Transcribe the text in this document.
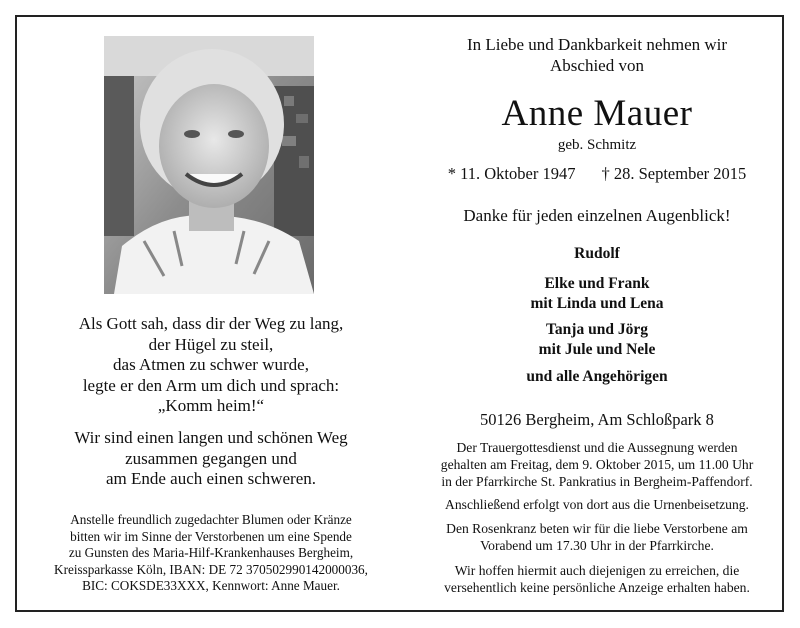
Als Gott sah, dass dir der Weg zu lang,
der Hügel zu steil,
das Atmen zu schwer wurde,
legte er den Arm um dich und sprach:
„Komm heim!“
Wir sind einen langen und schönen Weg
zusammen gegangen und
am Ende auch einen schweren.
Anstelle freundlich zugedachter Blumen oder Kränze
bitten wir im Sinne der Verstorbenen um eine Spende
zu Gunsten des Maria-Hilf-Krankenhauses Bergheim,
Kreissparkasse Köln, IBAN: DE 72 370502990142000036,
BIC: COKSDE33XXX, Kennwort: Anne Mauer.
In Liebe und Dankbarkeit nehmen wir
Abschied von
Anne Mauer
geb. Schmitz
* 11. Oktober 1947 † 28. September 2015
Danke für jeden einzelnen Augenblick!
Rudolf
Elke und Frank
mit Linda und Lena
Tanja und Jörg
mit Jule und Nele
und alle Angehörigen
50126 Bergheim, Am Schloßpark 8
Der Trauergottesdienst und die Aussegnung werden
gehalten am Freitag, dem 9. Oktober 2015, um 11.00 Uhr
in der Pfarrkirche St. Pankratius in Bergheim-Paffendorf.
Anschließend erfolgt von dort aus die Urnenbeisetzung.
Den Rosenkranz beten wir für die liebe Verstorbene am
Vorabend um 17.30 Uhr in der Pfarrkirche.
Wir hoffen hiermit auch diejenigen zu erreichen, die
versehentlich keine persönliche Anzeige erhalten haben.
